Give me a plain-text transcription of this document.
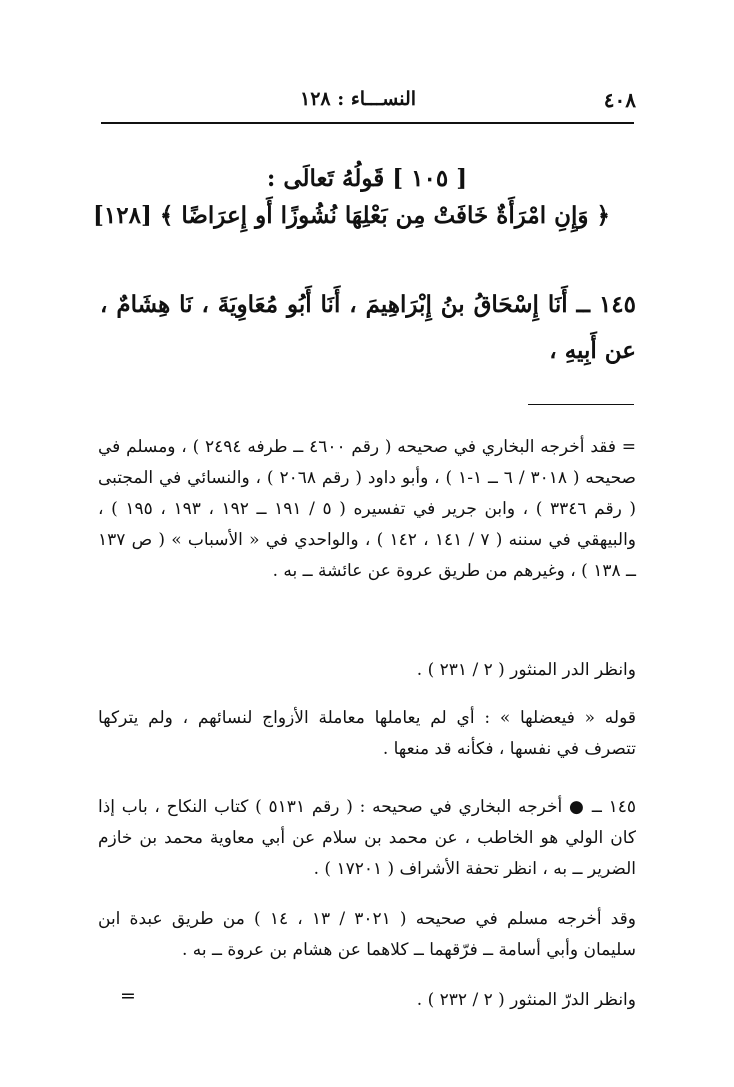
٤٠٨
النســـاء : ١٢٨
[ ١٠٥ ] قَولُهُ تَعالَى :
﴿ وَإِنِ امْرَأَةٌ خَافَتْ مِن بَعْلِهَا نُشُوزًا أَو إِعرَاضًا ﴾ [١٢٨]
١٤٥ ــ أَنَا إِسْحَاقُ بنُ إِبْرَاهِيمَ ، أَنَا أَبُو مُعَاوِيَةَ ، نَا هِشَامٌ ، عن أَبِيهِ ،

= فقد أخرجه البخاري في صحيحه ( رقم ٤٦٠٠ ــ طرفه ٢٤٩٤ ) ، ومسلم في صحيحه ( ٣٠١٨ / ٦ ــ ١-١ ) ، وأبو داود ( رقم ٢٠٦٨ ) ، والنسائي في المجتبى ( رقم ٣٣٤٦ ) ، وابن جرير في تفسيره ( ٥ / ١٩١ ــ ١٩٢ ، ١٩٣ ، ١٩٥ ) ، والبيهقي في سننه ( ٧ / ١٤١ ، ١٤٢ ) ، والواحدي في « الأسباب » ( ص ١٣٧ ــ ١٣٨ ) ، وغيرهم من طريق عروة عن عائشة ــ به .

وانظر الدر المنثور ( ٢ / ٢٣١ ) .

قوله « فيعضلها » : أي لم يعاملها معاملة الأزواج لنسائهم ، ولم يتركها تتصرف في نفسها ، فكأنه قد منعها .

١٤٥ ــ ● أخرجه البخاري في صحيحه : ( رقم ٥١٣١ ) كتاب النكاح ، باب إذا كان الولي هو الخاطب ، عن محمد بن سلام عن أبي معاوية محمد بن خازم الضرير ــ به ، انظر تحفة الأشراف ( ١٧٢٠١ ) .

وقد أخرجه مسلم في صحيحه ( ٣٠٢١ / ١٣ ، ١٤ ) من طريق عبدة ابن سليمان وأبي أسامة ــ فرّقهما ــ كلاهما عن هشام بن عروة ــ به .

وانظر الدرّ المنثور ( ٢ / ٢٣٢ ) .

=
